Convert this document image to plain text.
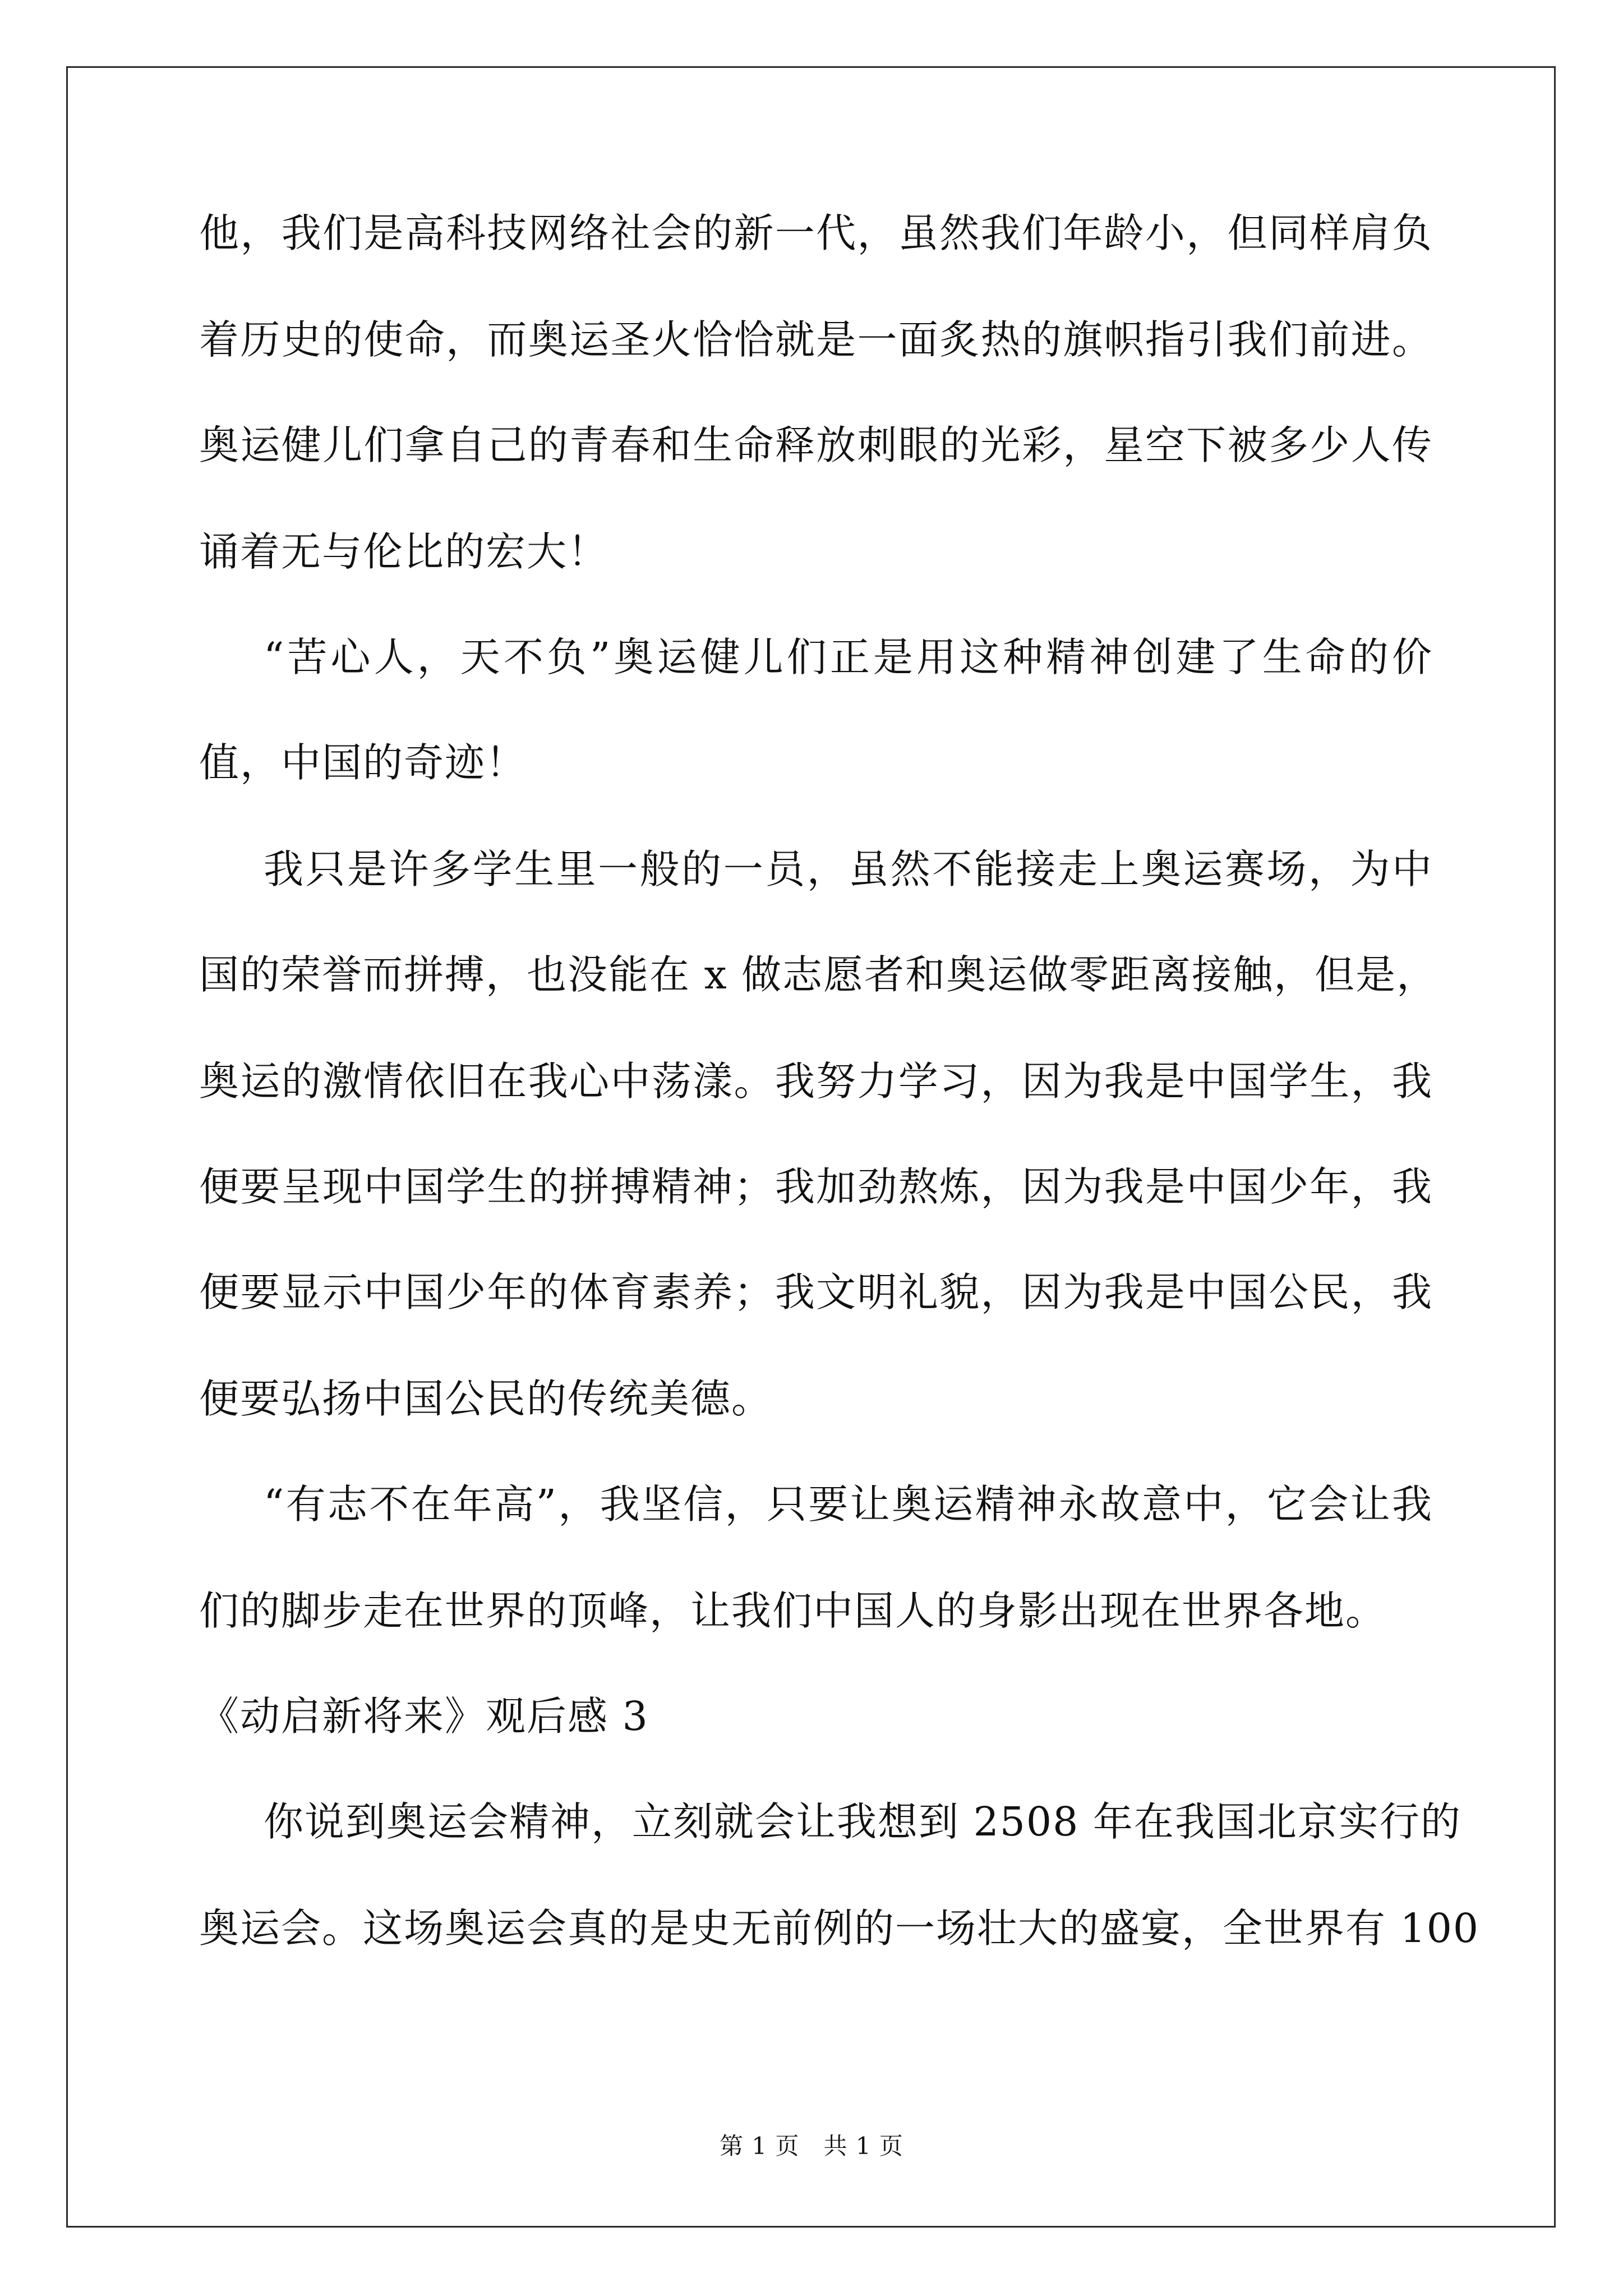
他，我们是高科技网络社会的新一代，虽然我们年龄小，但同样肩负
着历史的使命，而奥运圣火恰恰就是一面炙热的旗帜指引我们前进。
奥运健儿们拿自己的青春和生命释放刺眼的光彩，星空下被多少人传
诵着无与伦比的宏大！
“苦心人，天不负”奥运健儿们正是用这种精神创建了生命的价
值，中国的奇迹！
我只是许多学生里一般的一员，虽然不能接走上奥运赛场，为中
国的荣誉而拼搏，也没能在 x 做志愿者和奥运做零距离接触，但是，
奥运的激情依旧在我心中荡漾。我努力学习，因为我是中国学生，我
便要呈现中国学生的拼搏精神；我加劲熬炼，因为我是中国少年，我
便要显示中国少年的体育素养；我文明礼貌，因为我是中国公民，我
便要弘扬中国公民的传统美德。
“有志不在年高”，我坚信，只要让奥运精神永故意中，它会让我
们的脚步走在世界的顶峰，让我们中国人的身影出现在世界各地。
《动启新将来》观后感 3
你说到奥运会精神，立刻就会让我想到 2508 年在我国北京实行的
奥运会。这场奥运会真的是史无前例的一场壮大的盛宴，全世界有 100
第 1 页　共 1 页
